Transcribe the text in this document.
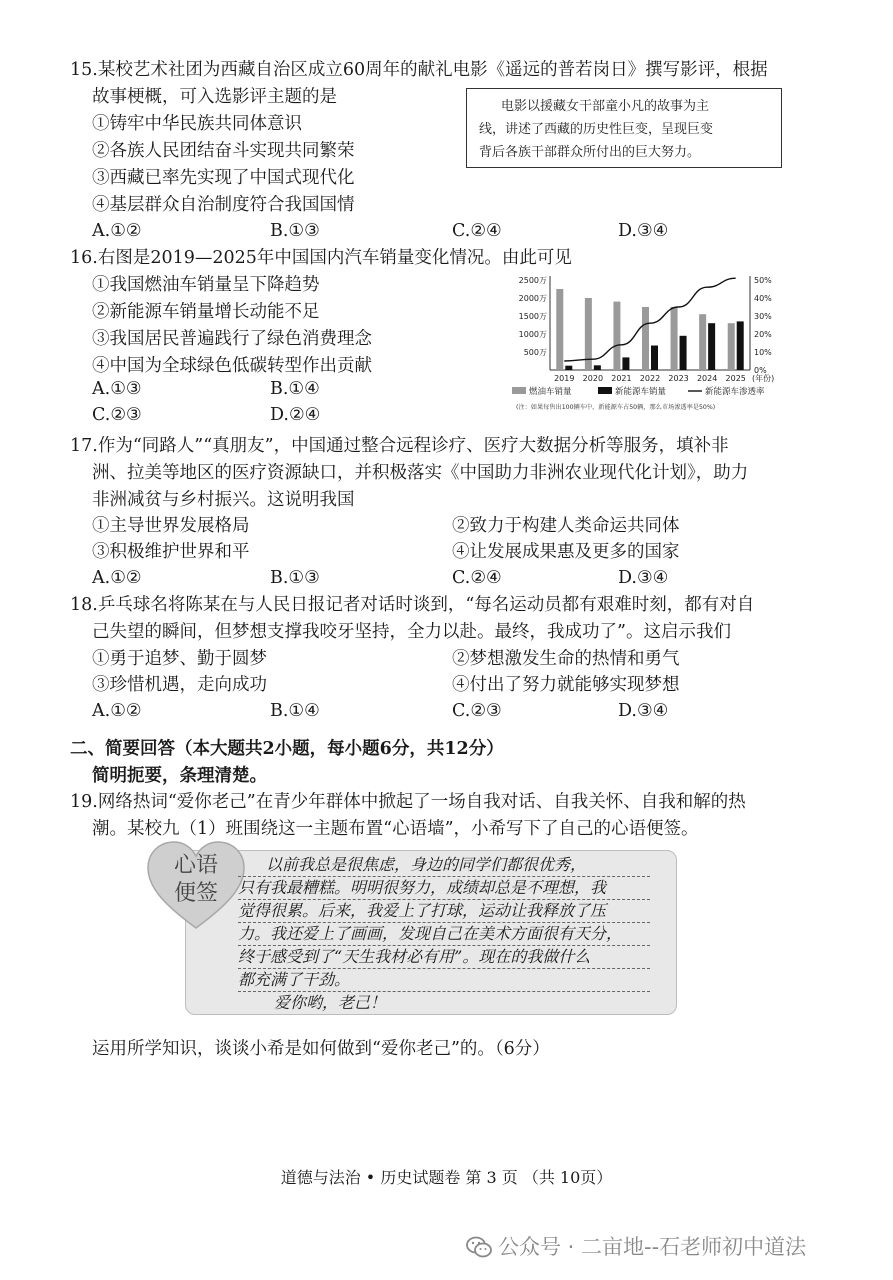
15.某校艺术社团为西藏自治区成立60周年的献礼电影《遥远的普若岗日》撰写影评，根据
故事梗概，可入选影评主题的是	电影以援藏女干部童小凡的故事为主

线，讲述了西藏的历史性巨变，呈现巨变

背后各族干部群众所付出的巨大努力。

①铸牢中华民族共同体意识
②各族人民团结奋斗实现共同繁荣
③西藏已率先实现了中国式现代化
④基层群众自治制度符合我国国情
A.①②	B.①③	C.②④	D.③④
16.右图是2019—2025年中国国内汽车销量变化情况。由此可见
①我国燃油车销量呈下降趋势
②新能源车销量增长动能不足
③我国居民普遍践行了绿色消费理念
④中国为全球绿色低碳转型作出贡献
A.①③	B.①④
C.②③	D.②④
2500万
2000万
1500万
1000万
500万
50%
40%
30%
20%
10%
0%
2019 2020 2021 2022 2023 2024 2025 (年份)
燃油车销量	新能源车销量	新能源车渗透率
(注：如果每售出100辆车中，新能源车占50辆，那么市场渗透率是50%)
17.作为“同路人”“真朋友”，中国通过整合远程诊疗、医疗大数据分析等服务，填补非
洲、拉美等地区的医疗资源缺口，并积极落实《中国助力非洲农业现代化计划》，助力
非洲减贫与乡村振兴。这说明我国
①主导世界发展格局	②致力于构建人类命运共同体
③积极维护世界和平	④让发展成果惠及更多的国家
A.①②	B.①③	C.②④	D.③④
18.乒乓球名将陈某在与人民日报记者对话时谈到，“每名运动员都有艰难时刻，都有对自
己失望的瞬间，但梦想支撑我咬牙坚持，全力以赴。最终，我成功了”。这启示我们
①勇于追梦、勤于圆梦	②梦想激发生命的热情和勇气
③珍惜机遇，走向成功	④付出了努力就能够实现梦想
A.①②	B.①④	C.②③	D.③④
二、简要回答（本大题共2小题，每小题6分，共12分）
简明扼要，条理清楚。
19.网络热词“爱你老己”在青少年群体中掀起了一场自我对话、自我关怀、自我和解的热
潮。某校九（1）班围绕这一主题布置“心语墙”，小希写下了自己的心语便签。
心语
便签
以前我总是很焦虑，身边的同学们都很优秀，
只有我最糟糕。明明很努力，成绩却总是不理想，我
觉得很累。后来，我爱上了打球，运动让我释放了压
力。我还爱上了画画，发现自己在美术方面很有天分，
终于感受到了“天生我材必有用”。现在的我做什么
都充满了干劲。
爱你哟，老己！
运用所学知识，谈谈小希是如何做到“爱你老己”的。（6分）
道德与法治 • 历史试题卷 第 3 页 （共 10页）
公众号 · 二亩地--石老师初中道法
